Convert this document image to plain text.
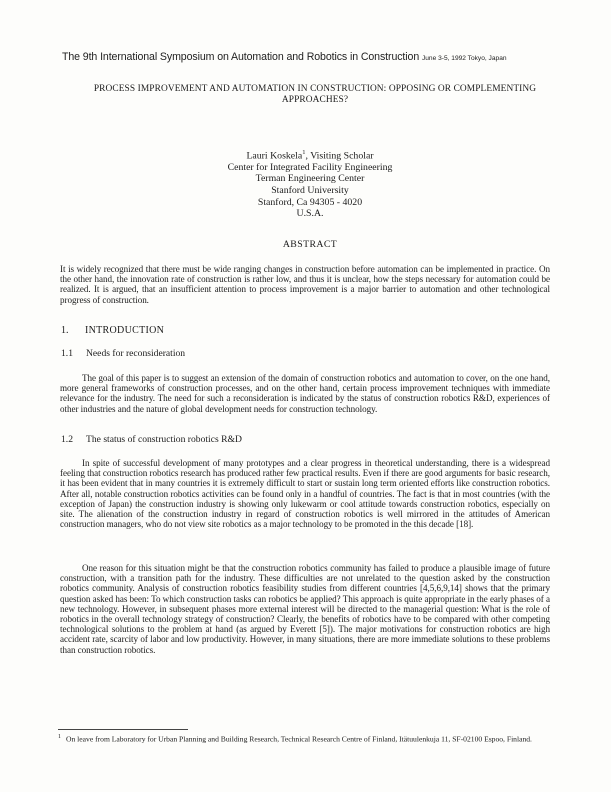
The 9th International Symposium on Automation and Robotics in Construction June 3-5, 1992 Tokyo, Japan
PROCESS IMPROVEMENT AND AUTOMATION IN CONSTRUCTION: OPPOSING OR COMPLEMENTING APPROACHES?
Lauri Koskela$^1$, Visiting Scholar
Center for Integrated Facility Engineering
Terman Engineering Center
Stanford University
Stanford, Ca 94305 - 4020
U.S.A.
ABSTRACT
It is widely recognized that there must be wide ranging changes in construction before automation can be implemented in practice. On the other hand, the innovation rate of construction is rather low, and thus it is unclear, how the steps necessary for automation could be realized. It is argued, that an insufficient attention to process improvement is a major barrier to automation and other technological progress of construction.
1. INTRODUCTION
1.1 Needs for reconsideration
The goal of this paper is to suggest an extension of the domain of construction robotics and automation to cover, on the one hand, more general frameworks of construction processes, and on the other hand, certain process improvement techniques with immediate relevance for the industry. The need for such a reconsideration is indicated by the status of construction robotics R&D, experiences of other industries and the nature of global development needs for construction technology.
1.2 The status of construction robotics R&D
In spite of successful development of many prototypes and a clear progress in theoretical understanding, there is a widespread feeling that construction robotics research has produced rather few practical results. Even if there are good arguments for basic research, it has been evident that in many countries it is extremely difficult to start or sustain long term oriented efforts like construction robotics. After all, notable construction robotics activities can be found only in a handful of countries. The fact is that in most countries (with the exception of Japan) the construction industry is showing only lukewarm or cool attitude towards construction robotics, especially on site. The alienation of the construction industry in regard of construction robotics is well mirrored in the attitudes of American construction managers, who do not view site robotics as a major technology to be promoted in the this decade [18].
One reason for this situation might be that the construction robotics community has failed to produce a plausible image of future construction, with a transition path for the industry. These difficulties are not unrelated to the question asked by the construction robotics community. Analysis of construction robotics feasibility studies from different countries [4,5,6,9,14] shows that the primary question asked has been: To which construction tasks can robotics be applied? This approach is quite appropriate in the early phases of a new technology. However, in subsequent phases more external interest will be directed to the managerial question: What is the role of robotics in the overall technology strategy of construction? Clearly, the benefits of robotics have to be compared with other competing technological solutions to the problem at hand (as argued by Everett [5]). The major motivations for construction robotics are high accident rate, scarcity of labor and low productivity. However, in many situations, there are more immediate solutions to these problems than construction robotics.
$^1$ On leave from Laboratory for Urban Planning and Building Research, Technical Research Centre of Finland, Itätuulenkuja 11, SF-02100 Espoo, Finland.
